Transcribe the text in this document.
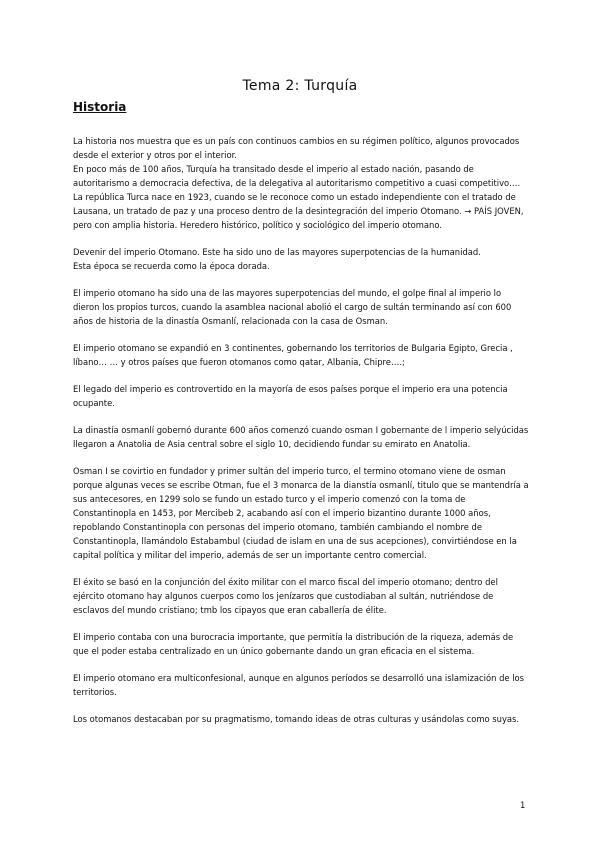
Tema 2: Turquía
Historia

La historia nos muestra que es un país con continuos cambios en su régimen político, algunos provocados desde el exterior y otros por el interior.

En poco más de 100 años, Turquía ha transitado desde el imperio al estado nación, pasando de autoritarismo a democracia defectiva, de la delegativa al autoritarismo competitivo a cuasi competitivo….

La república Turca nace en 1923, cuando se le reconoce como un estado independiente con el tratado de Lausana, un tratado de paz y una proceso dentro de la desintegración del imperio Otomano. → PAÍS JOVEN, pero con amplia historia. Heredero histórico, político y sociológico del imperio otomano.

Devenir del imperio Otomano. Este ha sido uno de las mayores superpotencias de la humanidad.

Esta época se recuerda como la época dorada.

El imperio otomano ha sido una de las mayores superpotencias del mundo, el golpe final al imperio lo dieron los propios turcos, cuando la asamblea nacional abolió el cargo de sultán terminando así con 600 años de historia de la dinastía Osmanlí, relacionada con la casa de Osman.

El imperio otomano se expandió en 3 continentes, gobernando los territorios de Bulgaria Egipto, Grecia , líbano… … y otros países que fueron otomanos como qatar, Albania, Chipre….;

El legado del imperio es controvertido en la mayoría de esos países porque el imperio era una potencia ocupante.

La dinastía osmanlí gobernó durante 600 años comenzó cuando osman I gobernante de l imperio selyúcidas llegaron a Anatolia de Asia central sobre el siglo 10, decidiendo fundar su emirato en Anatolia.

Osman I se covirtio en fundador y primer sultán del imperio turco, el termino otomano viene de osman porque algunas veces se escribe Otman, fue el 3 monarca de la dianstía osmanlí, titulo que se mantendría a sus antecesores, en 1299 solo se fundo un estado turco y el imperio comenzó con la toma de Constantinopla en 1453, por Mercibeb 2, acabando así con el imperio bizantino durante 1000 años, repoblando Constantinopla con personas del imperio otomano, también cambiando el nombre de Constantinopla, llamándolo Estabambul (ciudad de islam en una de sus acepciones), convirtiéndose en la capital política y militar del imperio, además de ser un importante centro comercial.

El éxito se basó en la conjunción del éxito militar con el marco fiscal del imperio otomano; dentro del ejército otomano hay algunos cuerpos como los jenízaros que custodiaban al sultán, nutriéndose de esclavos del mundo cristiano; tmb los cipayos que eran caballería de élite.

El imperio contaba con una burocracia importante, que permitía la distribución de la riqueza, además de que el poder estaba centralizado en un único gobernante dando un gran eficacia en el sistema.

El imperio otomano era multiconfesional, aunque en algunos períodos se desarrolló una islamización de los territorios.

Los otomanos destacaban por su pragmatismo, tomando ideas de otras culturas y usándolas como suyas.

1
